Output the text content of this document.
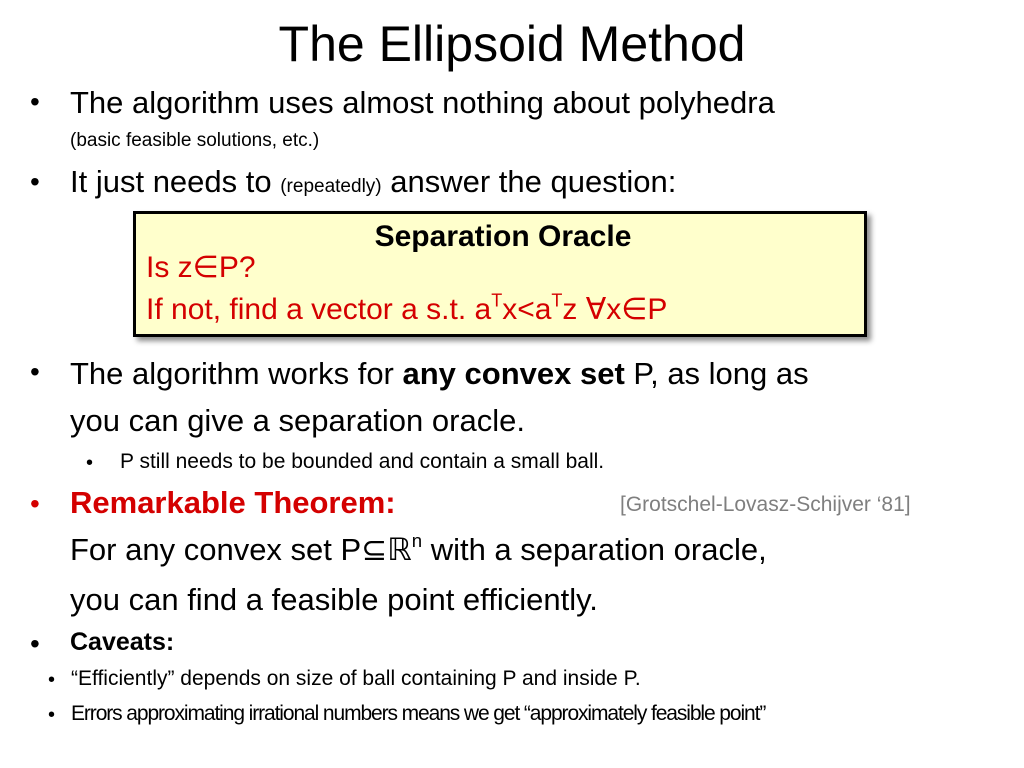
The Ellipsoid Method
• The algorithm uses almost nothing about polyhedra
(basic feasible solutions, etc.)
• It just needs to (repeatedly) answer the question:
Separation Oracle
Is z∈P?
If not, find a vector a s.t. $a^Tx<a^Tz$ ∀x∈P
• The algorithm works for any convex set P, as long as
you can give a separation oracle.
• P still needs to be bounded and contain a small ball.
• Remarkable Theorem:	[Grotschel-Lovasz-Schijver ‘81]
For any convex set P⊆ℝ$^n$ with a separation oracle,
you can find a feasible point efficiently.
• Caveats:
• “Efficiently” depends on size of ball containing P and inside P.
• Errors approximating irrational numbers means we get “approximately feasible point”
